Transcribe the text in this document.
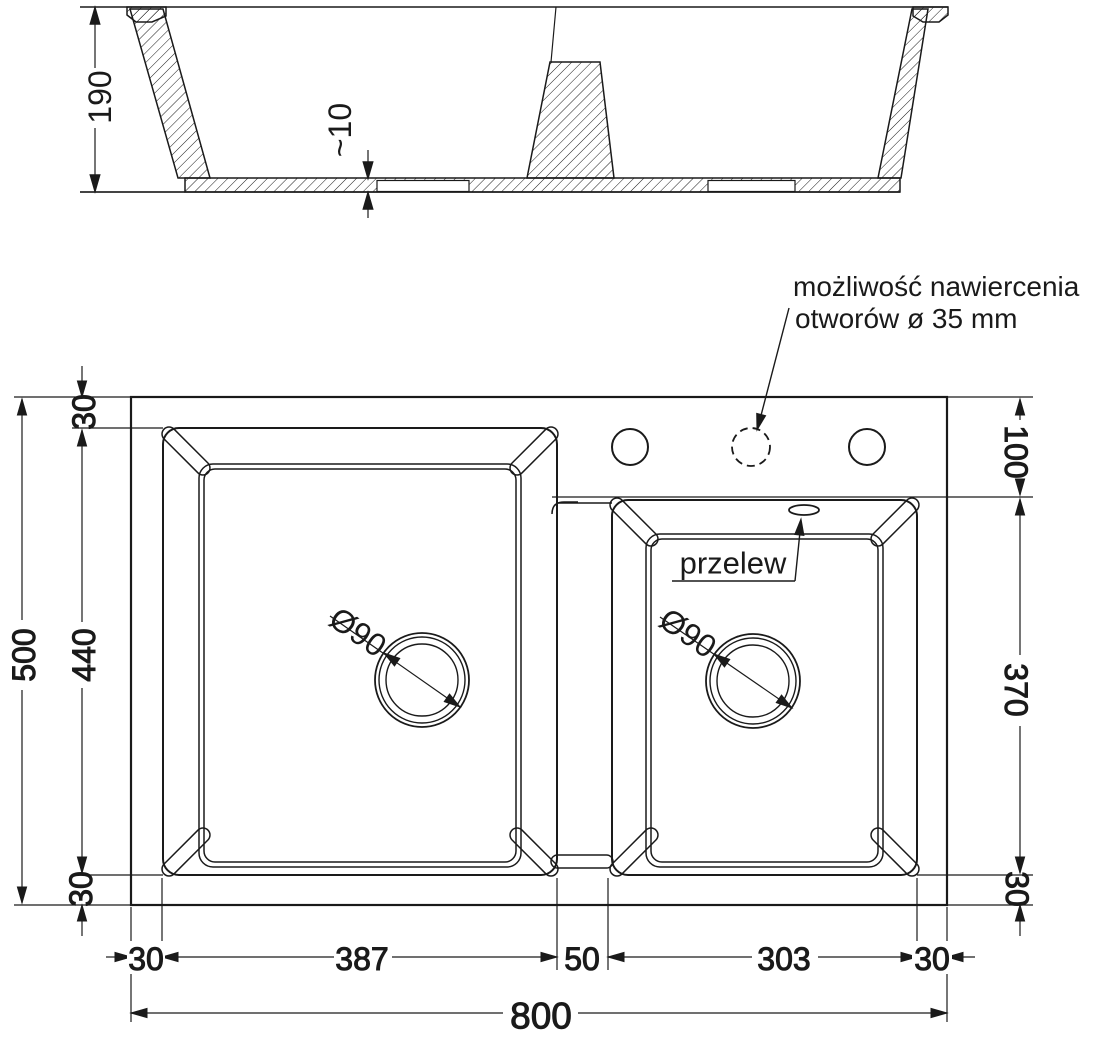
190
~10
Ø90	Ø90
przelew
możliwość nawiercenia
otworów ø 35 mm
500 440
30
30
100
370
30
30	387	50	303	30
800
